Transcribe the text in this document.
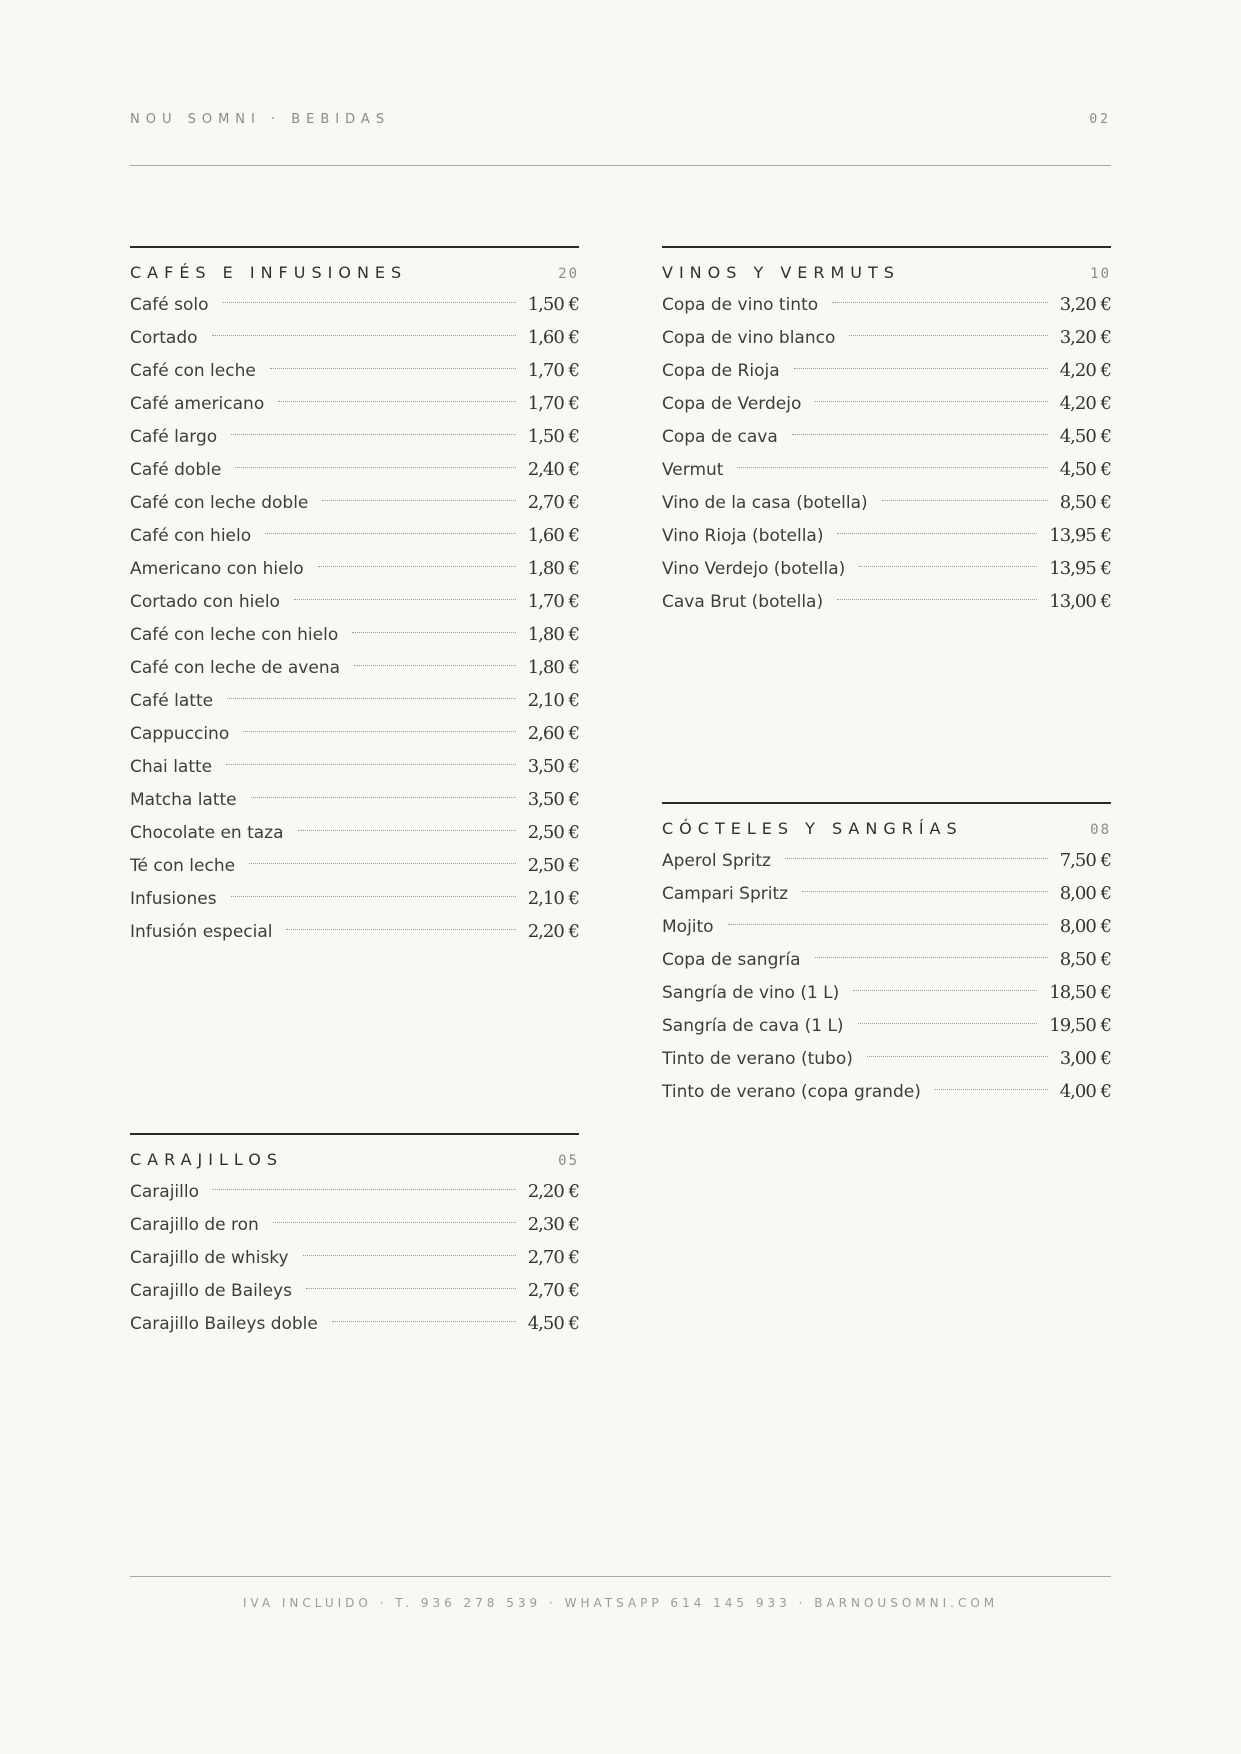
NOU SOMNI · BEBIDAS	02
CAFÉS E INFUSIONES	20
Café solo	1,50 €
Cortado	1,60 €
Café con leche	1,70 €
Café americano	1,70 €
Café largo	1,50 €
Café doble	2,40 €
Café con leche doble	2,70 €
Café con hielo	1,60 €
Americano con hielo	1,80 €
Cortado con hielo	1,70 €
Café con leche con hielo	1,80 €
Café con leche de avena	1,80 €
Café latte	2,10 €
Cappuccino	2,60 €
Chai latte	3,50 €
Matcha latte	3,50 €
Chocolate en taza	2,50 €
Té con leche	2,50 €
Infusiones	2,10 €
Infusión especial	2,20 €
VINOS Y VERMUTS	10
Copa de vino tinto	3,20 €
Copa de vino blanco	3,20 €
Copa de Rioja	4,20 €
Copa de Verdejo	4,20 €
Copa de cava	4,50 €
Vermut	4,50 €
Vino de la casa (botella)	8,50 €
Vino Rioja (botella)	13,95 €
Vino Verdejo (botella)	13,95 €
Cava Brut (botella)	13,00 €
CÓCTELES Y SANGRÍAS	08
Aperol Spritz	7,50 €
Campari Spritz	8,00 €
Mojito	8,00 €
Copa de sangría	8,50 €
Sangría de vino (1 L)	18,50 €
Sangría de cava (1 L)	19,50 €
Tinto de verano (tubo)	3,00 €
Tinto de verano (copa grande)	4,00 €
CARAJILLOS	05
Carajillo	2,20 €
Carajillo de ron	2,30 €
Carajillo de whisky	2,70 €
Carajillo de Baileys	2,70 €
Carajillo Baileys doble	4,50 €
IVA INCLUIDO · T. 936 278 539 · WHATSAPP 614 145 933 · BARNOUSOMNI.COM
